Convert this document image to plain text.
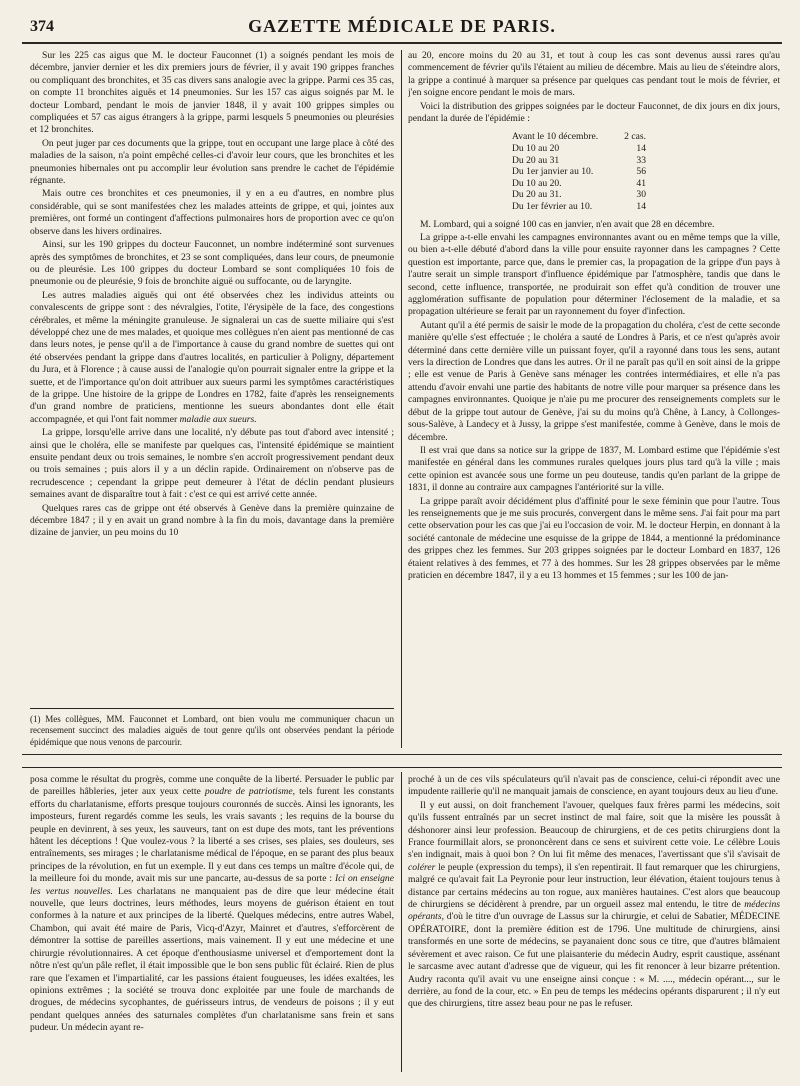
374	GAZETTE MÉDICALE DE PARIS.

Sur les 225 cas aigus que M. le docteur Fauconnet (1) a soignés pendant les mois de décembre, janvier dernier et les dix premiers jours de février, il y avait 190 grippes franches ou compliquant des bronchites, et 35 cas divers sans analogie avec la grippe. Parmi ces 35 cas, on compte 11 bronchites aiguës et 14 pneumonies. Sur les 157 cas aigus soignés par M. le docteur Lombard, pendant le mois de janvier 1848, il y avait 100 grippes simples ou compliquées et 57 cas aigus étrangers à la grippe, parmi lesquels 5 pneumonies ou pleurésies et 12 bronchites.

On peut juger par ces documents que la grippe, tout en occupant une large place à côté des maladies de la saison, n'a point empêché celles-ci d'avoir leur cours, que les bronchites et les pneumonies hibernales ont pu accomplir leur évolution sans prendre le cachet de l'épidémie régnante.

Mais outre ces bronchites et ces pneumonies, il y en a eu d'autres, en nombre plus considérable, qui se sont manifestées chez les malades atteints de grippe, et qui, jointes aux premières, ont formé un contingent d'affections pulmonaires hors de proportion avec ce qu'on observe dans les hivers ordinaires.

Ainsi, sur les 190 grippes du docteur Fauconnet, un nombre indéterminé sont survenues après des symptômes de bronchites, et 23 se sont compliquées, dans leur cours, de pneumonie ou de pleurésie. Les 100 grippes du docteur Lombard se sont compliquées 10 fois de pneumonie ou de pleurésie, 9 fois de bronchite aiguë ou suffocante, ou de laryngite.

Les autres maladies aiguës qui ont été observées chez les individus atteints ou convalescents de grippe sont : des névralgies, l'otite, l'érysipèle de la face, des congestions cérébrales, et même la méningite granuleuse. Je signalerai un cas de suette miliaire qui s'est développé chez une de mes malades, et quoique mes collègues n'en aient pas mentionné de cas dans leurs notes, je pense qu'il a de l'importance à cause du grand nombre de suettes qui ont été observées pendant la grippe dans d'autres localités, en particulier à Poligny, département du Jura, et à Florence ; à cause aussi de l'analogie qu'on pourrait signaler entre la grippe et la suette, et de l'importance qu'on doit attribuer aux sueurs parmi les symptômes caractéristiques de la grippe. Une histoire de la grippe de Londres en 1782, faite d'après les renseignements d'un grand nombre de praticiens, mentionne les sueurs abondantes dont elle était accompagnée, et qui l'ont fait nommer maladie aux sueurs.

La grippe, lorsqu'elle arrive dans une localité, n'y débute pas tout d'abord avec intensité ; ainsi que le choléra, elle se manifeste par quelques cas, l'intensité épidémique se maintient ensuite pendant deux ou trois semaines, le nombre s'en accroît progressivement pendant deux ou trois semaines ; puis alors il y a un déclin rapide. Ordinairement on n'observe pas de recrudescence ; cependant la grippe peut demeurer à l'état de déclin pendant plusieurs semaines avant de disparaître tout à fait : c'est ce qui est arrivé cette année.

Quelques rares cas de grippe ont été observés à Genève dans la première quinzaine de décembre 1847 ; il y en avait un grand nombre à la fin du mois, davantage dans la première dizaine de janvier, un peu moins du 10

(1) Mes collègues, MM. Fauconnet et Lombard, ont bien voulu me communiquer chacun un recensement succinct des maladies aiguës de tout genre qu'ils ont observées pendant la période épidémique que nous venons de parcourir.

au 20, encore moins du 20 au 31, et tout à coup les cas sont devenus aussi rares qu'au commencement de février qu'ils l'étaient au milieu de décembre. Mais au lieu de s'éteindre alors, la grippe a continué à marquer sa présence par quelques cas pendant tout le mois de février, et j'en soigne encore pendant le mois de mars.

Voici la distribution des grippes soignées par le docteur Fauconnet, de dix jours en dix jours, pendant la durée de l'épidémie :

Avant le 10 décembre.	2 cas.
Du 10 au 20	14
Du 20 au 31	33
Du 1er janvier au 10.	56
Du 10 au 20.	41
Du 20 au 31.	30
Du 1er février au 10.	14

M. Lombard, qui a soigné 100 cas en janvier, n'en avait que 28 en décembre.

La grippe a-t-elle envahi les campagnes environnantes avant ou en même temps que la ville, ou bien a-t-elle débuté d'abord dans la ville pour ensuite rayonner dans les campagnes ? Cette question est importante, parce que, dans le premier cas, la propagation de la grippe d'un pays à l'autre serait un simple transport d'influence épidémique par l'atmosphère, tandis que dans le second, cette influence, transportée, ne produirait son effet qu'à condition de trouver une agglomération suffisante de population pour déterminer l'éclosement de la maladie, et sa propagation ultérieure se ferait par un rayonnement du foyer d'infection.

Autant qu'il a été permis de saisir le mode de la propagation du choléra, c'est de cette seconde manière qu'elle s'est effectuée ; le choléra a sauté de Londres à Paris, et ce n'est qu'après avoir déterminé dans cette dernière ville un puissant foyer, qu'il a rayonné dans tous les sens, autant vers la direction de Londres que dans les autres. Or il ne paraît pas qu'il en soit ainsi de la grippe ; elle est venue de Paris à Genève sans ménager les contrées intermédiaires, et elle n'a pas attendu d'avoir envahi une partie des habitants de notre ville pour marquer sa présence dans les campagnes environnantes. Quoique je n'aie pu me procurer des renseignements complets sur le début de la grippe tout autour de Genève, j'ai su du moins qu'à Chêne, à Lancy, à Collonges-sous-Salève, à Landecy et à Jussy, la grippe s'est manifestée, comme à Genève, dans le mois de décembre.

Il est vrai que dans sa notice sur la grippe de 1837, M. Lombard estime que l'épidémie s'est manifestée en général dans les communes rurales quelques jours plus tard qu'à la ville ; mais cette opinion est avancée sous une forme un peu douteuse, tandis qu'en parlant de la grippe de 1831, il donne au contraire aux campagnes l'antériorité sur la ville.

La grippe paraît avoir décidément plus d'affinité pour le sexe féminin que pour l'autre. Tous les renseignements que je me suis procurés, convergent dans le même sens. J'ai fait pour ma part cette observation pour les cas que j'ai eu l'occasion de voir. M. le docteur Herpin, en donnant à la société cantonale de médecine une esquisse de la grippe de 1844, a mentionné la prédominance des grippes chez les femmes. Sur 203 grippes soignées par le docteur Lombard en 1837, 126 étaient relatives à des femmes, et 77 à des hommes. Sur les 28 grippes observées par le même praticien en décembre 1847, il y a eu 13 hommes et 15 femmes ; sur les 100 de jan-

posa comme le résultat du progrès, comme une conquête de la liberté. Persuader le public par de pareilles hâbleries, jeter aux yeux cette poudre de patriotisme, tels furent les constants efforts du charlatanisme, efforts presque toujours couronnés de succès. Ainsi les ignorants, les imposteurs, furent regardés comme les seuls, les vrais savants ; les requins de la bourse du peuple en devinrent, à ses yeux, les sauveurs, tant on est dupe des mots, tant les préventions hâtent les déceptions ! Que voulez-vous ? la liberté a ses crises, ses plaies, ses douleurs, ses entraînements, ses mirages ; le charlatanisme médical de l'époque, en se parant des plus beaux principes de la révolution, en fut un exemple. Il y eut dans ces temps un maître d'école qui, de la meilleure foi du monde, avait mis sur une pancarte, au-dessus de sa porte : Ici on enseigne les vertus nouvelles. Les charlatans ne manquaient pas de dire que leur médecine était nouvelle, que leurs doctrines, leurs méthodes, leurs moyens de guérison étaient en tout conformes à la nature et aux principes de la liberté. Quelques médecins, entre autres Wabel, Chambon, qui avait été maire de Paris, Vicq-d'Azyr, Mainret et d'autres, s'efforcèrent de démontrer la sottise de pareilles assertions, mais vainement. Il y eut une médecine et une chirurgie révolutionnaires. A cet époque d'enthousiasme universel et d'emportement dont la nôtre n'est qu'un pâle reflet, il était impossible que le bon sens public fût éclairé. Rien de plus rare que l'examen et l'impartialité, car les passions étaient fougueuses, les idées exaltées, les opinions extrêmes ; la société se trouva donc exploitée par une foule de marchands de drogues, de médecins sycophantes, de guérisseurs intrus, de vendeurs de poisons ; il y eut pendant quelques années des saturnales complètes d'un charlatanisme sans frein et sans pudeur. Un médecin ayant re-

proché à un de ces vils spéculateurs qu'il n'avait pas de conscience, celui-ci répondit avec une impudente raillerie qu'il ne manquait jamais de conscience, en ayant toujours deux au lieu d'une.

Il y eut aussi, on doit franchement l'avouer, quelques faux frères parmi les médecins, soit qu'ils fussent entraînés par un secret instinct de mal faire, soit que la misère les poussât à déshonorer ainsi leur profession. Beaucoup de chirurgiens, et de ces petits chirurgiens dont la France fourmillait alors, se prononcèrent dans ce sens et suivirent cette voie. Le célèbre Louis s'en indignait, mais à quoi bon ? On lui fit même des menaces, l'avertissant que s'il s'avisait de colérer le peuple (expression du temps), il s'en repentirait. Il faut remarquer que les chirurgiens, malgré ce qu'avait fait La Peyronie pour leur instruction, leur élévation, étaient toujours tenus à distance par certains médecins au ton rogue, aux manières hautaines. C'est alors que beaucoup de chirurgiens se décidèrent à prendre, par un orgueil assez mal entendu, le titre de médecins opérants, d'où le titre d'un ouvrage de Lassus sur la chirurgie, et celui de Sabatier, MÉDECINE OPÉRATOIRE, dont la première édition est de 1796. Une multitude de chirurgiens, ainsi transformés en une sorte de médecins, se payanaient donc sous ce titre, que d'autres blâmaient sévèrement et avec raison. Ce fut une plaisanterie du médecin Audry, esprit caustique, assénant le sarcasme avec autant d'adresse que de vigueur, qui les fit renoncer à leur bizarre prétention. Audry raconta qu'il avait vu une enseigne ainsi conçue : « M. ...., médecin opérant..., sur le derrière, au fond de la cour, etc. » En peu de temps les médecins opérants disparurent ; il n'y eut que des chirurgiens, titre assez beau pour ne pas le refuser.
